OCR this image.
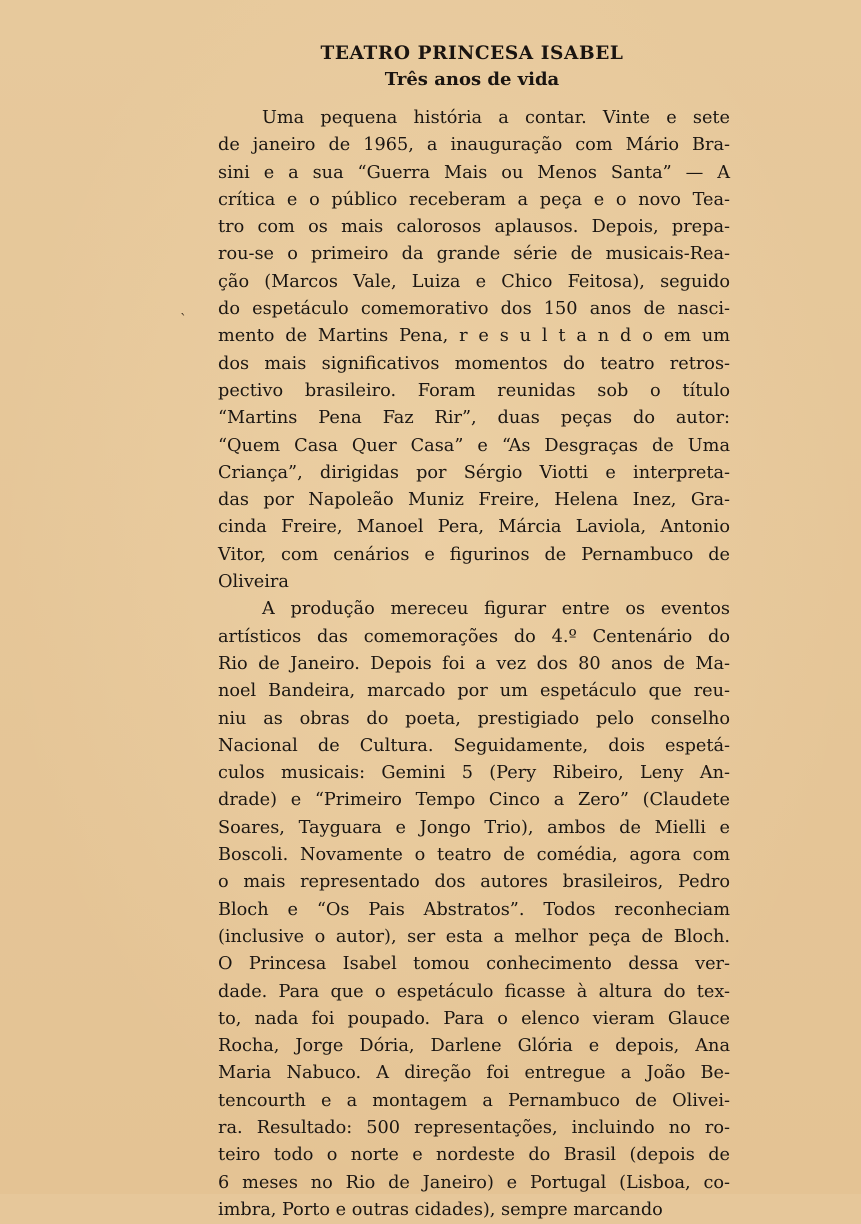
`
TEATRO PRINCESA ISABEL
Três anos de vida
Uma pequena história a contar. Vinte e sete
de janeiro de 1965, a inauguração com Mário Bra-
sini e a sua “Guerra Mais ou Menos Santa” — A
crítica e o público receberam a peça e o novo Tea-
tro com os mais calorosos aplausos. Depois, prepa-
rou-se o primeiro da grande série de musicais-Rea-
ção (Marcos Vale, Luiza e Chico Feitosa), seguido
do espetáculo comemorativo dos 150 anos de nasci-
mento de Martins Pena, r e s u l t a n d o em um
dos mais significativos momentos do teatro retros-
pectivo brasileiro. Foram reunidas sob o título
“Martins Pena Faz Rir”, duas peças do autor:
“Quem Casa Quer Casa” e “As Desgraças de Uma
Criança”, dirigidas por Sérgio Viotti e interpreta-
das por Napoleão Muniz Freire, Helena Inez, Gra-
cinda Freire, Manoel Pera, Márcia Laviola, Antonio
Vitor, com cenários e figurinos de Pernambuco de
Oliveira
A produção mereceu figurar entre os eventos
artísticos das comemorações do 4.º Centenário do
Rio de Janeiro. Depois foi a vez dos 80 anos de Ma-
noel Bandeira, marcado por um espetáculo que reu-
niu as obras do poeta, prestigiado pelo conselho
Nacional de Cultura. Seguidamente, dois espetá-
culos musicais: Gemini 5 (Pery Ribeiro, Leny An-
drade) e “Primeiro Tempo Cinco a Zero” (Claudete
Soares, Tayguara e Jongo Trio), ambos de Mielli e
Boscoli. Novamente o teatro de comédia, agora com
o mais representado dos autores brasileiros, Pedro
Bloch e “Os Pais Abstratos”. Todos reconheciam
(inclusive o autor), ser esta a melhor peça de Bloch.
O Princesa Isabel tomou conhecimento dessa ver-
dade. Para que o espetáculo ficasse à altura do tex-
to, nada foi poupado. Para o elenco vieram Glauce
Rocha, Jorge Dória, Darlene Glória e depois, Ana
Maria Nabuco. A direção foi entregue a João Be-
tencourth e a montagem a Pernambuco de Olivei-
ra. Resultado: 500 representações, incluindo no ro-
teiro todo o norte e nordeste do Brasil (depois de
6 meses no Rio de Janeiro) e Portugal (Lisboa, co-
imbra, Porto e outras cidades), sempre marcando
